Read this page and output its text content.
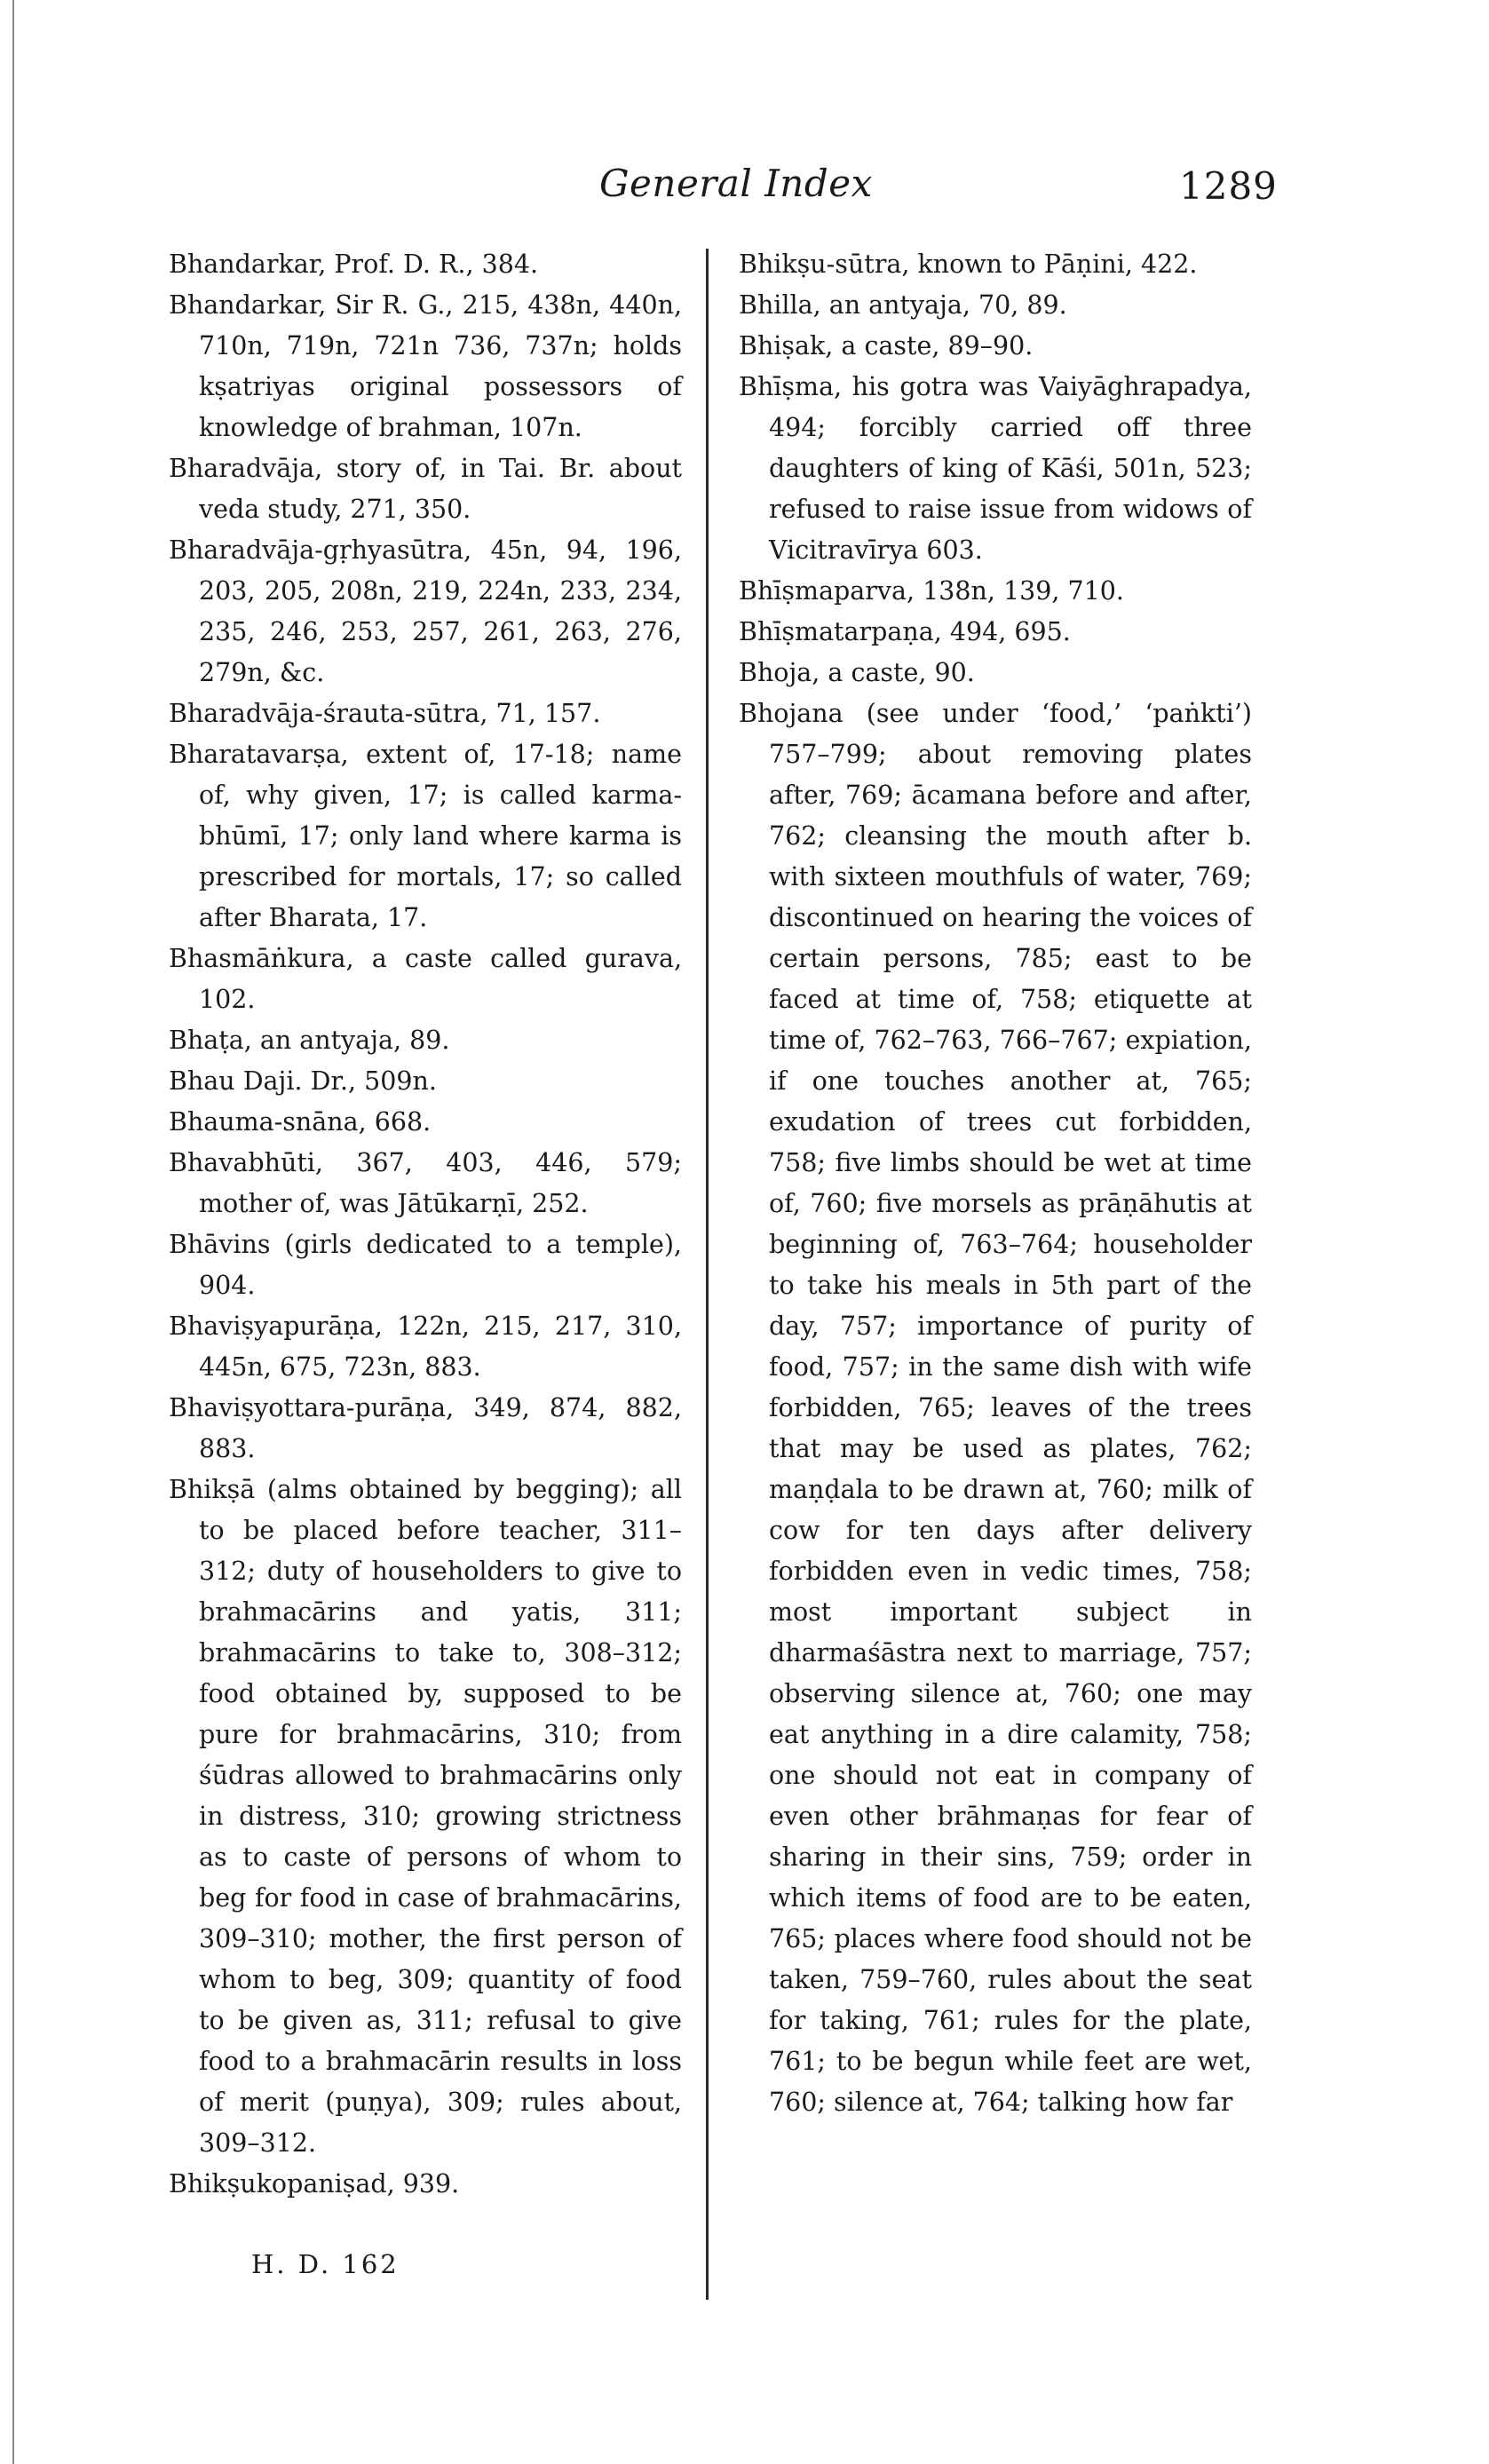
General Index	1289

Bhandarkar, Prof. D. R., 384.

Bhandarkar, Sir R. G., 215, 438n, 440n, 710n, 719n, 721n 736, 737n; holds kṣatriyas original possessors of knowledge of brahman, 107n.

Bharadvāja, story of, in Tai. Br. about veda study, 271, 350.

Bharadvāja-gṛhyasūtra, 45n, 94, 196, 203, 205, 208n, 219, 224n, 233, 234, 235, 246, 253, 257, 261, 263, 276, 279n, &c.

Bharadvāja-śrauta-sūtra, 71, 157.

Bharatavarṣa, extent of, 17-18; name of, why given, 17; is called karma-bhūmī, 17; only land where karma is prescribed for mortals, 17; so called after Bharata, 17.

Bhasmāṅkura, a caste called gurava, 102.

Bhaṭa, an antyaja, 89.

Bhau Daji. Dr., 509n.

Bhauma-snāna, 668.

Bhavabhūti, 367, 403, 446, 579; mother of, was Jātūkarṇī, 252.

Bhāvins (girls dedicated to a temple), 904.

Bhaviṣyapurāṇa, 122n, 215, 217, 310, 445n, 675, 723n, 883.

Bhaviṣyottara-purāṇa, 349, 874, 882, 883.

Bhikṣā (alms obtained by begging); all to be placed before teacher, 311–312; duty of householders to give to brahmacārins and yatis, 311; brahmacārins to take to, 308–312; food obtained by, supposed to be pure for brahmacārins, 310; from śūdras allowed to brahmacārins only in distress, 310; growing strictness as to caste of persons of whom to beg for food in case of brahmacārins, 309–310; mother, the first person of whom to beg, 309; quantity of food to be given as, 311; refusal to give food to a brahmacārin results in loss of merit (puṇya), 309; rules about, 309–312.

Bhikṣukopaniṣad, 939.

Bhikṣu-sūtra, known to Pāṇini, 422.

Bhilla, an antyaja, 70, 89.

Bhiṣak, a caste, 89–90.

Bhīṣma, his gotra was Vaiyāghrapadya, 494; forcibly carried off three daughters of king of Kāśi, 501n, 523; refused to raise issue from widows of Vicitravīrya 603.

Bhīṣmaparva, 138n, 139, 710.

Bhīṣmatarpaṇa, 494, 695.

Bhoja, a caste, 90.

Bhojana (see under ‘food,’ ‘paṅkti’) 757–799; about removing plates after, 769; ācamana before and after, 762; cleansing the mouth after b. with sixteen mouthfuls of water, 769; discontinued on hearing the voices of certain persons, 785; east to be faced at time of, 758; etiquette at time of, 762–763, 766–767; expiation, if one touches another at, 765; exudation of trees cut forbidden, 758; five limbs should be wet at time of, 760; five morsels as prāṇāhutis at beginning of, 763–764; householder to take his meals in 5th part of the day, 757; importance of purity of food, 757; in the same dish with wife forbidden, 765; leaves of the trees that may be used as plates, 762; maṇḍala to be drawn at, 760; milk of cow for ten days after delivery forbidden even in vedic times, 758; most important subject in dharmaśāstra next to marriage, 757; observing silence at, 760; one may eat anything in a dire calamity, 758; one should not eat in company of even other brāhmaṇas for fear of sharing in their sins, 759; order in which items of food are to be eaten, 765; places where food should not be taken, 759–760, rules about the seat for taking, 761; rules for the plate, 761; to be begun while feet are wet, 760; silence at, 764; talking how far

H. D. 162
